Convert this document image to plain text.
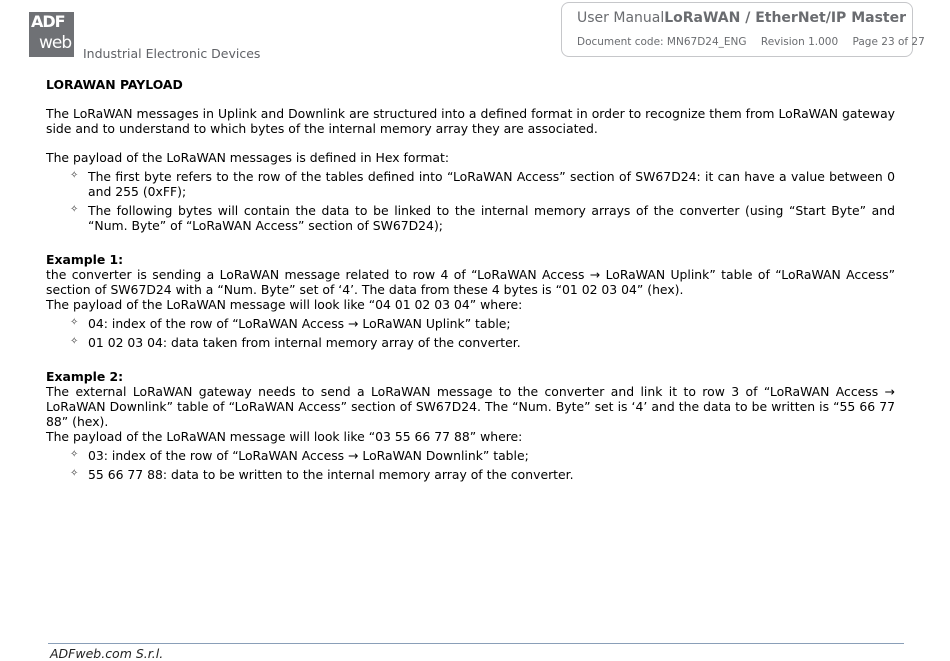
ADF
web
Industrial Electronic Devices
User Manual LoRaWAN / EtherNet/IP Master
Document code: MN67D24_ENG Revision 1.000 Page 23 of 27

LORAWAN PAYLOAD

The LoRaWAN messages in Uplink and Downlink are structured into a defined format in order to recognize them from LoRaWAN gateway side and to understand to which bytes of the internal memory array they are associated.

The payload of the LoRaWAN messages is defined in Hex format:

✧ The first byte refers to the row of the tables defined into “LoRaWAN Access” section of SW67D24: it can have a value between 0 and 255 (0xFF);
✧ The following bytes will contain the data to be linked to the internal memory arrays of the converter (using “Start Byte” and “Num. Byte” of “LoRaWAN Access” section of SW67D24);

Example 1:

the converter is sending a LoRaWAN message related to row 4 of “LoRaWAN Access → LoRaWAN Uplink” table of “LoRaWAN Access” section of SW67D24 with a “Num. Byte” set of ‘4’. The data from these 4 bytes is “01 02 03 04” (hex).

The payload of the LoRaWAN message will look like “04 01 02 03 04” where:

✧ 04: index of the row of “LoRaWAN Access → LoRaWAN Uplink” table;
✧ 01 02 03 04: data taken from internal memory array of the converter.

Example 2:

The external LoRaWAN gateway needs to send a LoRaWAN message to the converter and link it to row 3 of “LoRaWAN Access → LoRaWAN Downlink” table of “LoRaWAN Access” section of SW67D24. The “Num. Byte” set is ‘4’ and the data to be written is “55 66 77 88” (hex).

The payload of the LoRaWAN message will look like “03 55 66 77 88” where:

✧ 03: index of the row of “LoRaWAN Access → LoRaWAN Downlink” table;
✧ 55 66 77 88: data to be written to the internal memory array of the converter.
ADFweb.com S.r.l.
